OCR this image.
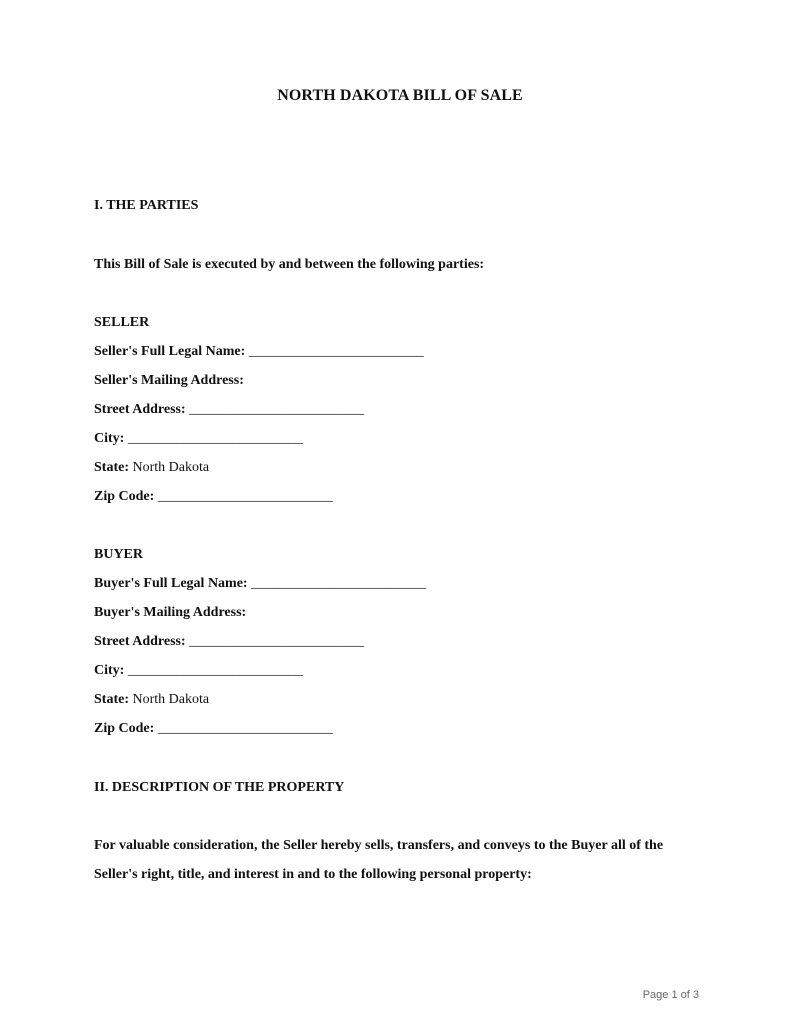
NORTH DAKOTA BILL OF SALE
I. THE PARTIES
This Bill of Sale is executed by and between the following parties:
SELLER
Seller's Full Legal Name: _________________________
Seller's Mailing Address:
Street Address: _________________________
City: _________________________
State: North Dakota
Zip Code: _________________________
BUYER
Buyer's Full Legal Name: _________________________
Buyer's Mailing Address:
Street Address: _________________________
City: _________________________
State: North Dakota
Zip Code: _________________________
II. DESCRIPTION OF THE PROPERTY
For valuable consideration, the Seller hereby sells, transfers, and conveys to the Buyer all of the
Seller's right, title, and interest in and to the following personal property:
Page 1 of 3
